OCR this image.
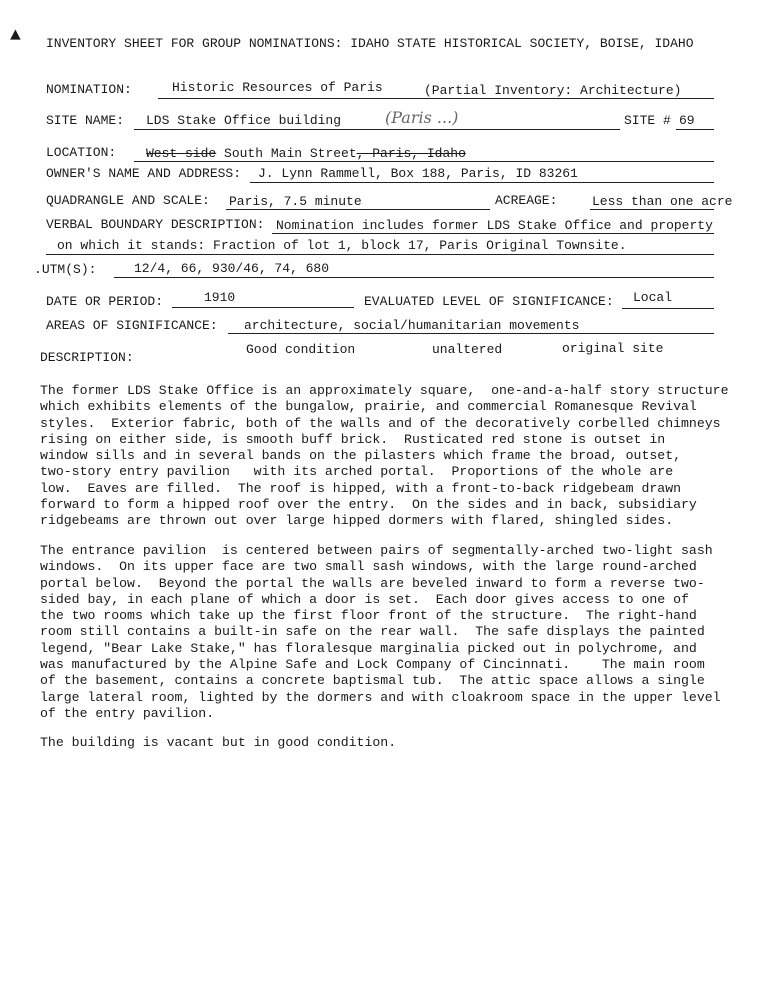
▲ INVENTORY SHEET FOR GROUP NOMINATIONS: IDAHO STATE HISTORICAL SOCIETY, BOISE, IDAHO
NOMINATION:	Historic Resources of Paris	(Partial Inventory: Architecture)
SITE NAME: LDS Stake Office building	(Paris ...)	SITE # 69
LOCATION: West side South Main Street, Paris, Idaho
OWNER'S NAME AND ADDRESS: J. Lynn Rammell, Box 188, Paris, ID 83261
QUADRANGLE AND SCALE: Paris, 7.5 minute	ACREAGE:	Less than one acre
VERBAL BOUNDARY DESCRIPTION: Nomination includes former LDS Stake Office and property
on which it stands: Fraction of lot 1, block 17, Paris Original Townsite.
.UTM(S):	12/4, 66, 930/46, 74, 680
DATE OR PERIOD:	1910	EVALUATED LEVEL OF SIGNIFICANCE: Local
AREAS OF SIGNIFICANCE: architecture, social/humanitarian movements
DESCRIPTION:
Good condition	unaltered	original site
The former LDS Stake Office is an approximately square,  one-and-a-half story structure
which exhibits elements of the bungalow, prairie, and commercial Romanesque Revival
styles.  Exterior fabric, both of the walls and of the decoratively corbelled chimneys
rising on either side, is smooth buff brick.  Rusticated red stone is outset in
window sills and in several bands on the pilasters which frame the broad, outset,
two-story entry pavilion   with its arched portal.  Proportions of the whole are
low.  Eaves are filled.  The roof is hipped, with a front-to-back ridgebeam drawn
forward to form a hipped roof over the entry.  On the sides and in back, subsidiary
ridgebeams are thrown out over large hipped dormers with flared, shingled sides.
The entrance pavilion  is centered between pairs of segmentally-arched two-light sash
windows.  On its upper face are two small sash windows, with the large round-arched
portal below.  Beyond the portal the walls are beveled inward to form a reverse two-
sided bay, in each plane of which a door is set.  Each door gives access to one of
the two rooms which take up the first floor front of the structure.  The right-hand
room still contains a built-in safe on the rear wall.  The safe displays the painted
legend, "Bear Lake Stake," has floralesque marginalia picked out in polychrome, and
was manufactured by the Alpine Safe and Lock Company of Cincinnati.    The main room
of the basement, contains a concrete baptismal tub.  The attic space allows a single
large lateral room, lighted by the dormers and with cloakroom space in the upper level
of the entry pavilion.
The building is vacant but in good condition.
